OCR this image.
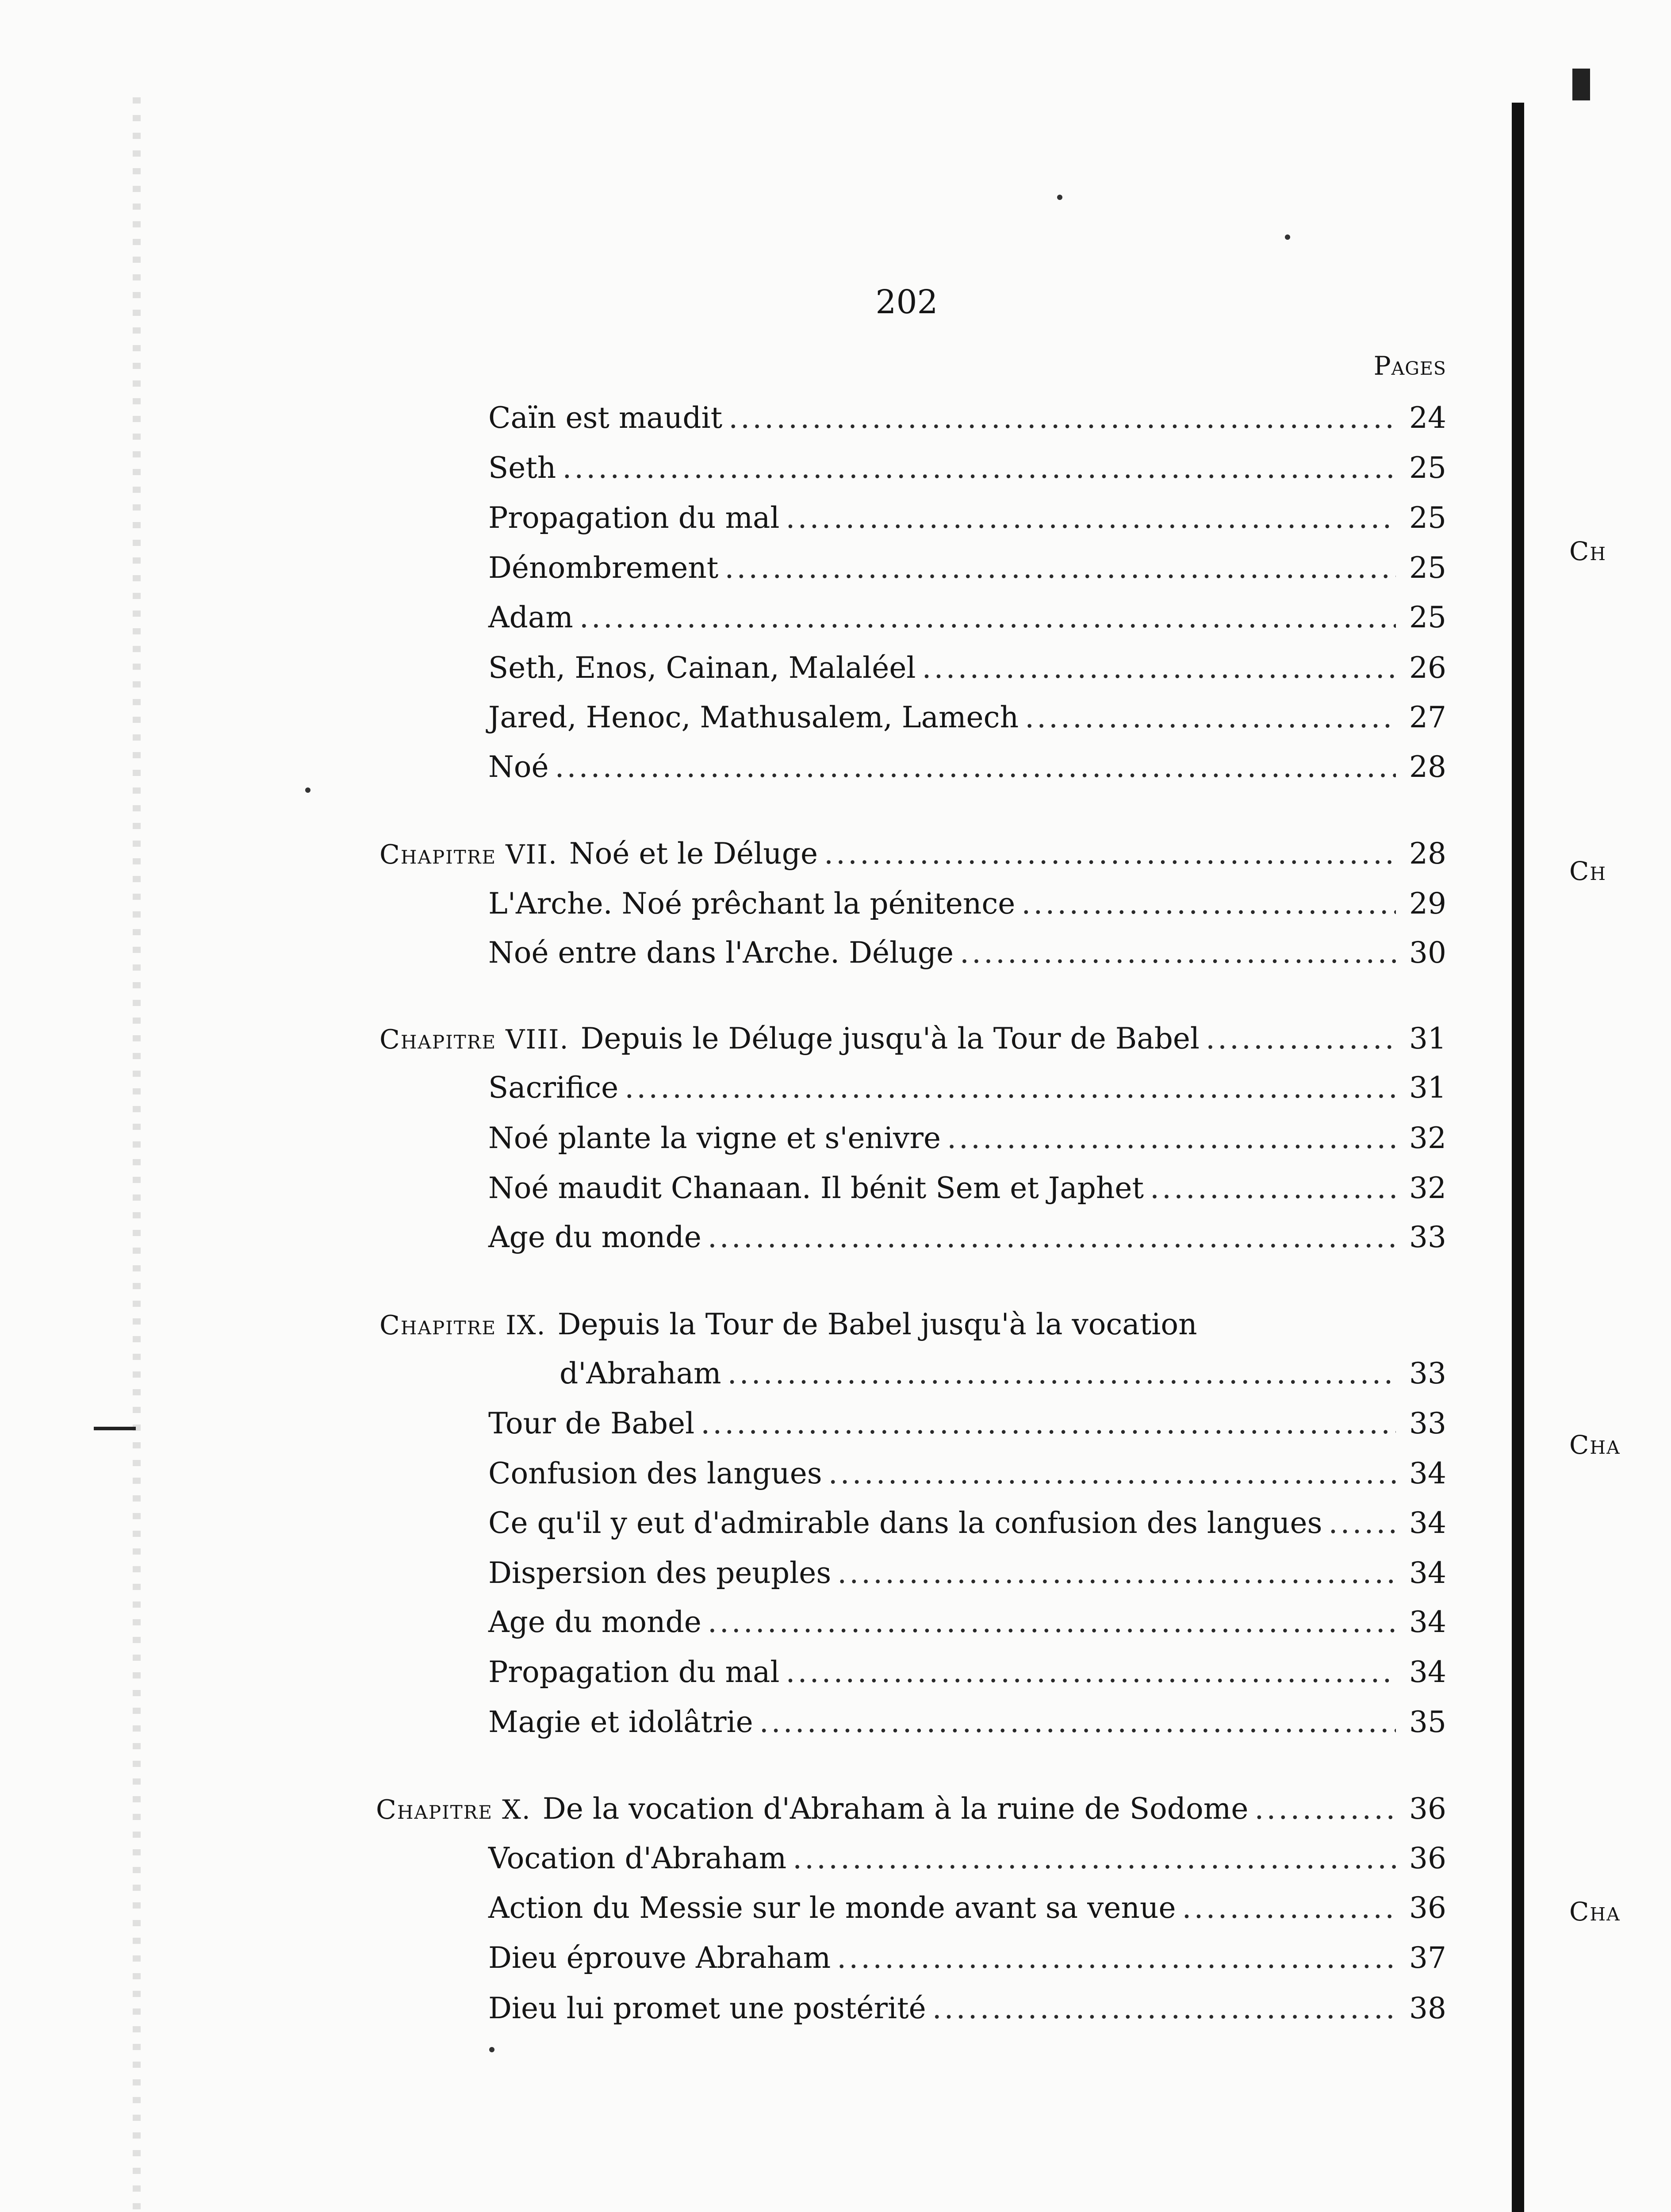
202
Pages
Caïn est maudit .....	24
Seth .....	25
Propagation du mal .....	25
Dénombrement .....	25
Adam .....	25
Seth, Enos, Cainan, Malaléel .....	26
Jared, Henoc, Mathusalem, Lamech .....	27
Noé .....	28
Chapitre VII. Noé et le Déluge .....	28
L'Arche. Noé prêchant la pénitence .....	29
Noé entre dans l'Arche. Déluge .....	30
Chapitre VIII. Depuis le Déluge jusqu'à la Tour de Babel .....	31
Sacrifice .....	31
Noé plante la vigne et s'enivre .....	32
Noé maudit Chanaan. Il bénit Sem et Japhet .....	32
Age du monde .....	33
Chapitre IX. Depuis la Tour de Babel jusqu'à la vocation
d'Abraham .....	33
Tour de Babel .....	33
Confusion des langues .....	34
Ce qu'il y eut d'admirable dans la confusion des langues .....	34
Dispersion des peuples .....	34
Age du monde .....	34
Propagation du mal .....	34
Magie et idolâtrie .....	35
Chapitre X. De la vocation d'Abraham à la ruine de Sodome .....	36
Vocation d'Abraham .....	36
Action du Messie sur le monde avant sa venue .....	36
Dieu éprouve Abraham .....	37
Dieu lui promet une postérité .....	38
Ch
Ch
Cha
Cha
